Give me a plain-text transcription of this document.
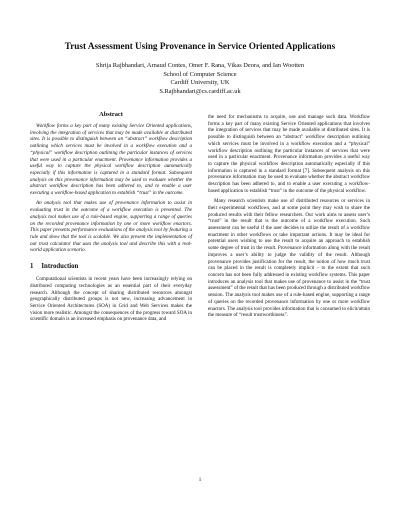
Trust Assessment Using Provenance in Service Oriented Applications
Shrija Rajbhandari, Arnaud Contes, Omer F. Rana, Vikas Deora, and Ian Wootten
School of Computer Science
Cardiff University, UK
S.Rajbhandari@cs.cardiff.ac.uk
Abstract

Workflow forms a key part of many existing Service Oriented applications, involving the integration of services that may be made available at distributed sites. It is possible to distinguish between an “abstract” workflow description outlining which services must be involved in a workflow execution and a “physical” workflow description outlining the particular instances of services that were used in a particular enactment. Provenance information provides a useful way to capture the physical workflow description automatically especially if this information is captured in a standard format. Subsequent analysis on this provenance information may be used to evaluate whether the abstract workflow description has been adhered to, and to enable a user executing a workflow-based application to establish “trust” in the outcome.

An analysis tool that makes use of provenance information to assist in evaluating trust in the outcome of a workflow execution is presented. The analysis tool makes use of a rule-based engine, supporting a range of queries on the recorded provenance information by one or more workflow enactors. This paper presents performance evaluations of the analysis tool by featuring a rule and show that the tool is scalable. We also present the implementation of our trust calculator that uses the analysis tool and describe this with a real-world application scenario.

1 Introduction

Computational scientists in recent years have been increasingly relying on distributed computing technologies as an essential part of their everyday research. Although the concept of sharing distributed resources amongst geographically distributed groups is not new, increasing advancement in Service Oriented Architectures (SOA) in Grid and Web Services makes the vision more realistic. Amongst the consequences of the progress toward SOA in scientific domain is an increased emphasis on provenance data, and

the need for mechanisms to acquire, use and manage such data. Workflow forms a key part of many existing Service Oriented applications that involves the integration of services that may be made available at distributed sites. It is possible to distinguish between an “abstract” workflow description outlining which services must be involved in a workflow execution and a “physical” workflow description outlining the particular instances of services that were used in a particular enactment. Provenance information provides a useful way to capture the physical workflow description automatically especially if this information is captured in a standard format [7]. Subsequent analysis on this provenance information may be used to evaluate whether the abstract workflow description has been adhered to, and to enable a user executing a workflow-based application to establish “trust” in the outcome of the physical workflow.

Many research scientists make use of distributed resources or services in their experimental workflows, and at some point they may wish to share the produced results with their fellow researchers. Our work aims to assess user’s “trust” in the result that is the outcome of a workflow execution. Such assessment can be useful if the user decides to utilize the result of a workflow enactment in other workflows or take important actions. It may be ideal for potential users wishing to use the result to acquire an approach to establish some degree of trust in the result. Provenance information along with the result improves a user’s ability to judge the validity of the result. Although provenance provides justification for the result, the notion of how much trust can be placed in the result is completely implicit – to the extent that such concern has not been fully addressed in existing workflow systems. This paper introduces an analysis tool that makes use of provenance to assist in the “trust assessment” of the result that has been produced through a distributed workflow session. The analysis tool makes use of a rule-based engine, supporting a range of queries on the recorded provenance information by one or more workflow enactors. The analysis tool provides information that is consumed to elicit/attain the measure of “result trustworthiness”.

1
